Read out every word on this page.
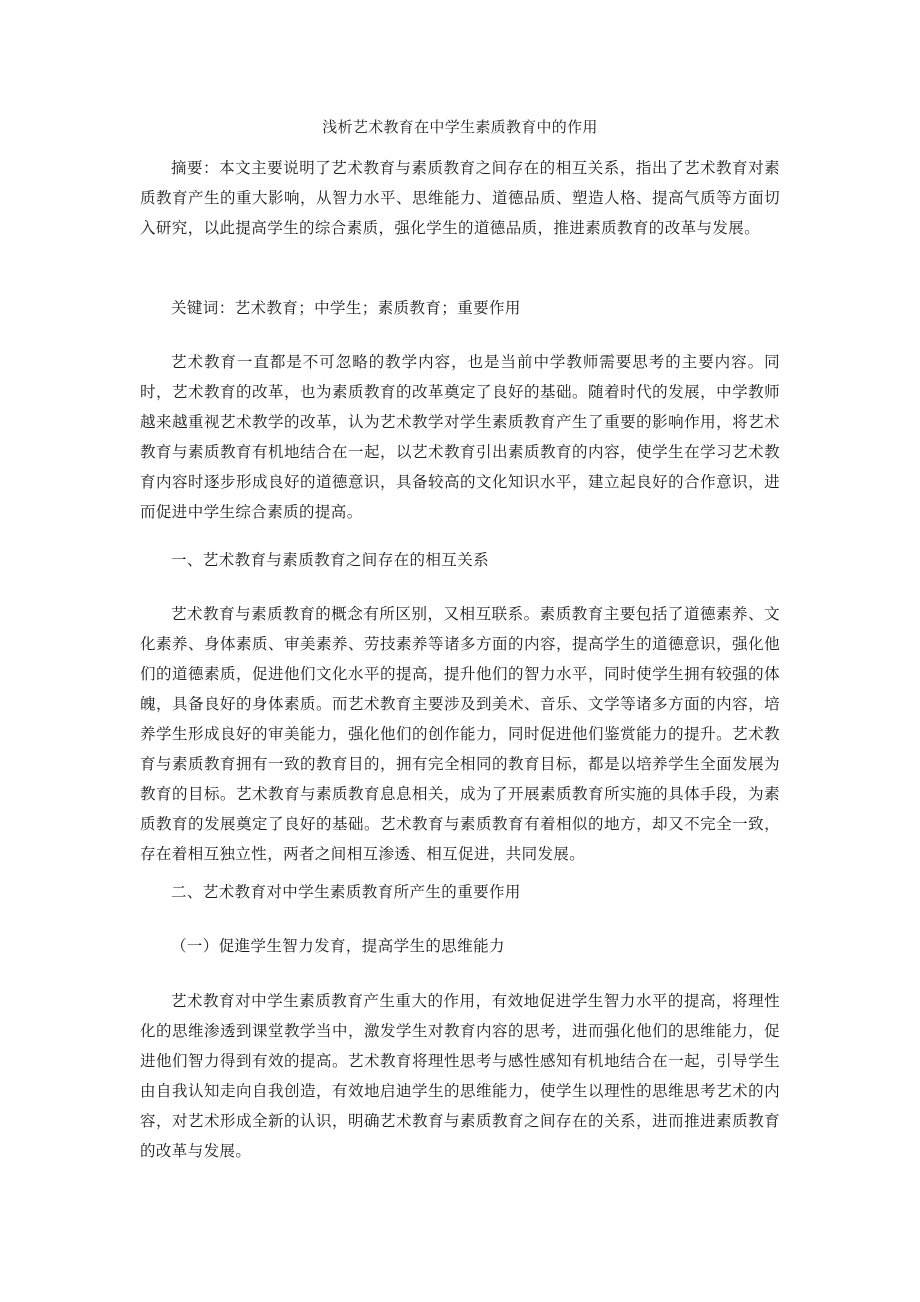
浅析艺术教育在中学生素质教育中的作用

摘要：本文主要说明了艺术教育与素质教育之间存在的相互关系，指出了艺术教育对素质教育产生的重大影响，从智力水平、思维能力、道德品质、塑造人格、提高气质等方面切入研究，以此提高学生的综合素质，强化学生的道德品质，推进素质教育的改革与发展。

关键词：艺术教育；中学生；素质教育；重要作用

艺术教育一直都是不可忽略的教学内容，也是当前中学教师需要思考的主要内容。同时，艺术教育的改革，也为素质教育的改革奠定了良好的基础。随着时代的发展，中学教师越来越重视艺术教学的改革，认为艺术教学对学生素质教育产生了重要的影响作用，将艺术教育与素质教育有机地结合在一起，以艺术教育引出素质教育的内容，使学生在学习艺术教育内容时逐步形成良好的道德意识，具备较高的文化知识水平，建立起良好的合作意识，进而促进中学生综合素质的提高。

一、艺术教育与素质教育之间存在的相互关系

艺术教育与素质教育的概念有所区别，又相互联系。素质教育主要包括了道德素养、文化素养、身体素质、审美素养、劳技素养等诸多方面的内容，提高学生的道德意识，强化他们的道德素质，促进他们文化水平的提高，提升他们的智力水平，同时使学生拥有较强的体魄，具备良好的身体素质。而艺术教育主要涉及到美术、音乐、文学等诸多方面的内容，培养学生形成良好的审美能力，强化他们的创作能力，同时促进他们鉴赏能力的提升。艺术教育与素质教育拥有一致的教育目的，拥有完全相同的教育目标，都是以培养学生全面发展为教育的目标。艺术教育与素质教育息息相关，成为了开展素质教育所实施的具体手段，为素质教育的发展奠定了良好的基础。艺术教育与素质教育有着相似的地方，却又不完全一致，存在着相互独立性，两者之间相互渗透、相互促进，共同发展。

二、艺术教育对中学生素质教育所产生的重要作用

（一）促進学生智力发育，提高学生的思维能力

艺术教育对中学生素质教育产生重大的作用，有效地促进学生智力水平的提高，将理性化的思维渗透到课堂教学当中，激发学生对教育内容的思考，进而强化他们的思维能力，促进他们智力得到有效的提高。艺术教育将理性思考与感性感知有机地结合在一起，引导学生由自我认知走向自我创造，有效地启迪学生的思维能力，使学生以理性的思维思考艺术的内容，对艺术形成全新的认识，明确艺术教育与素质教育之间存在的关系，进而推进素质教育的改革与发展。
